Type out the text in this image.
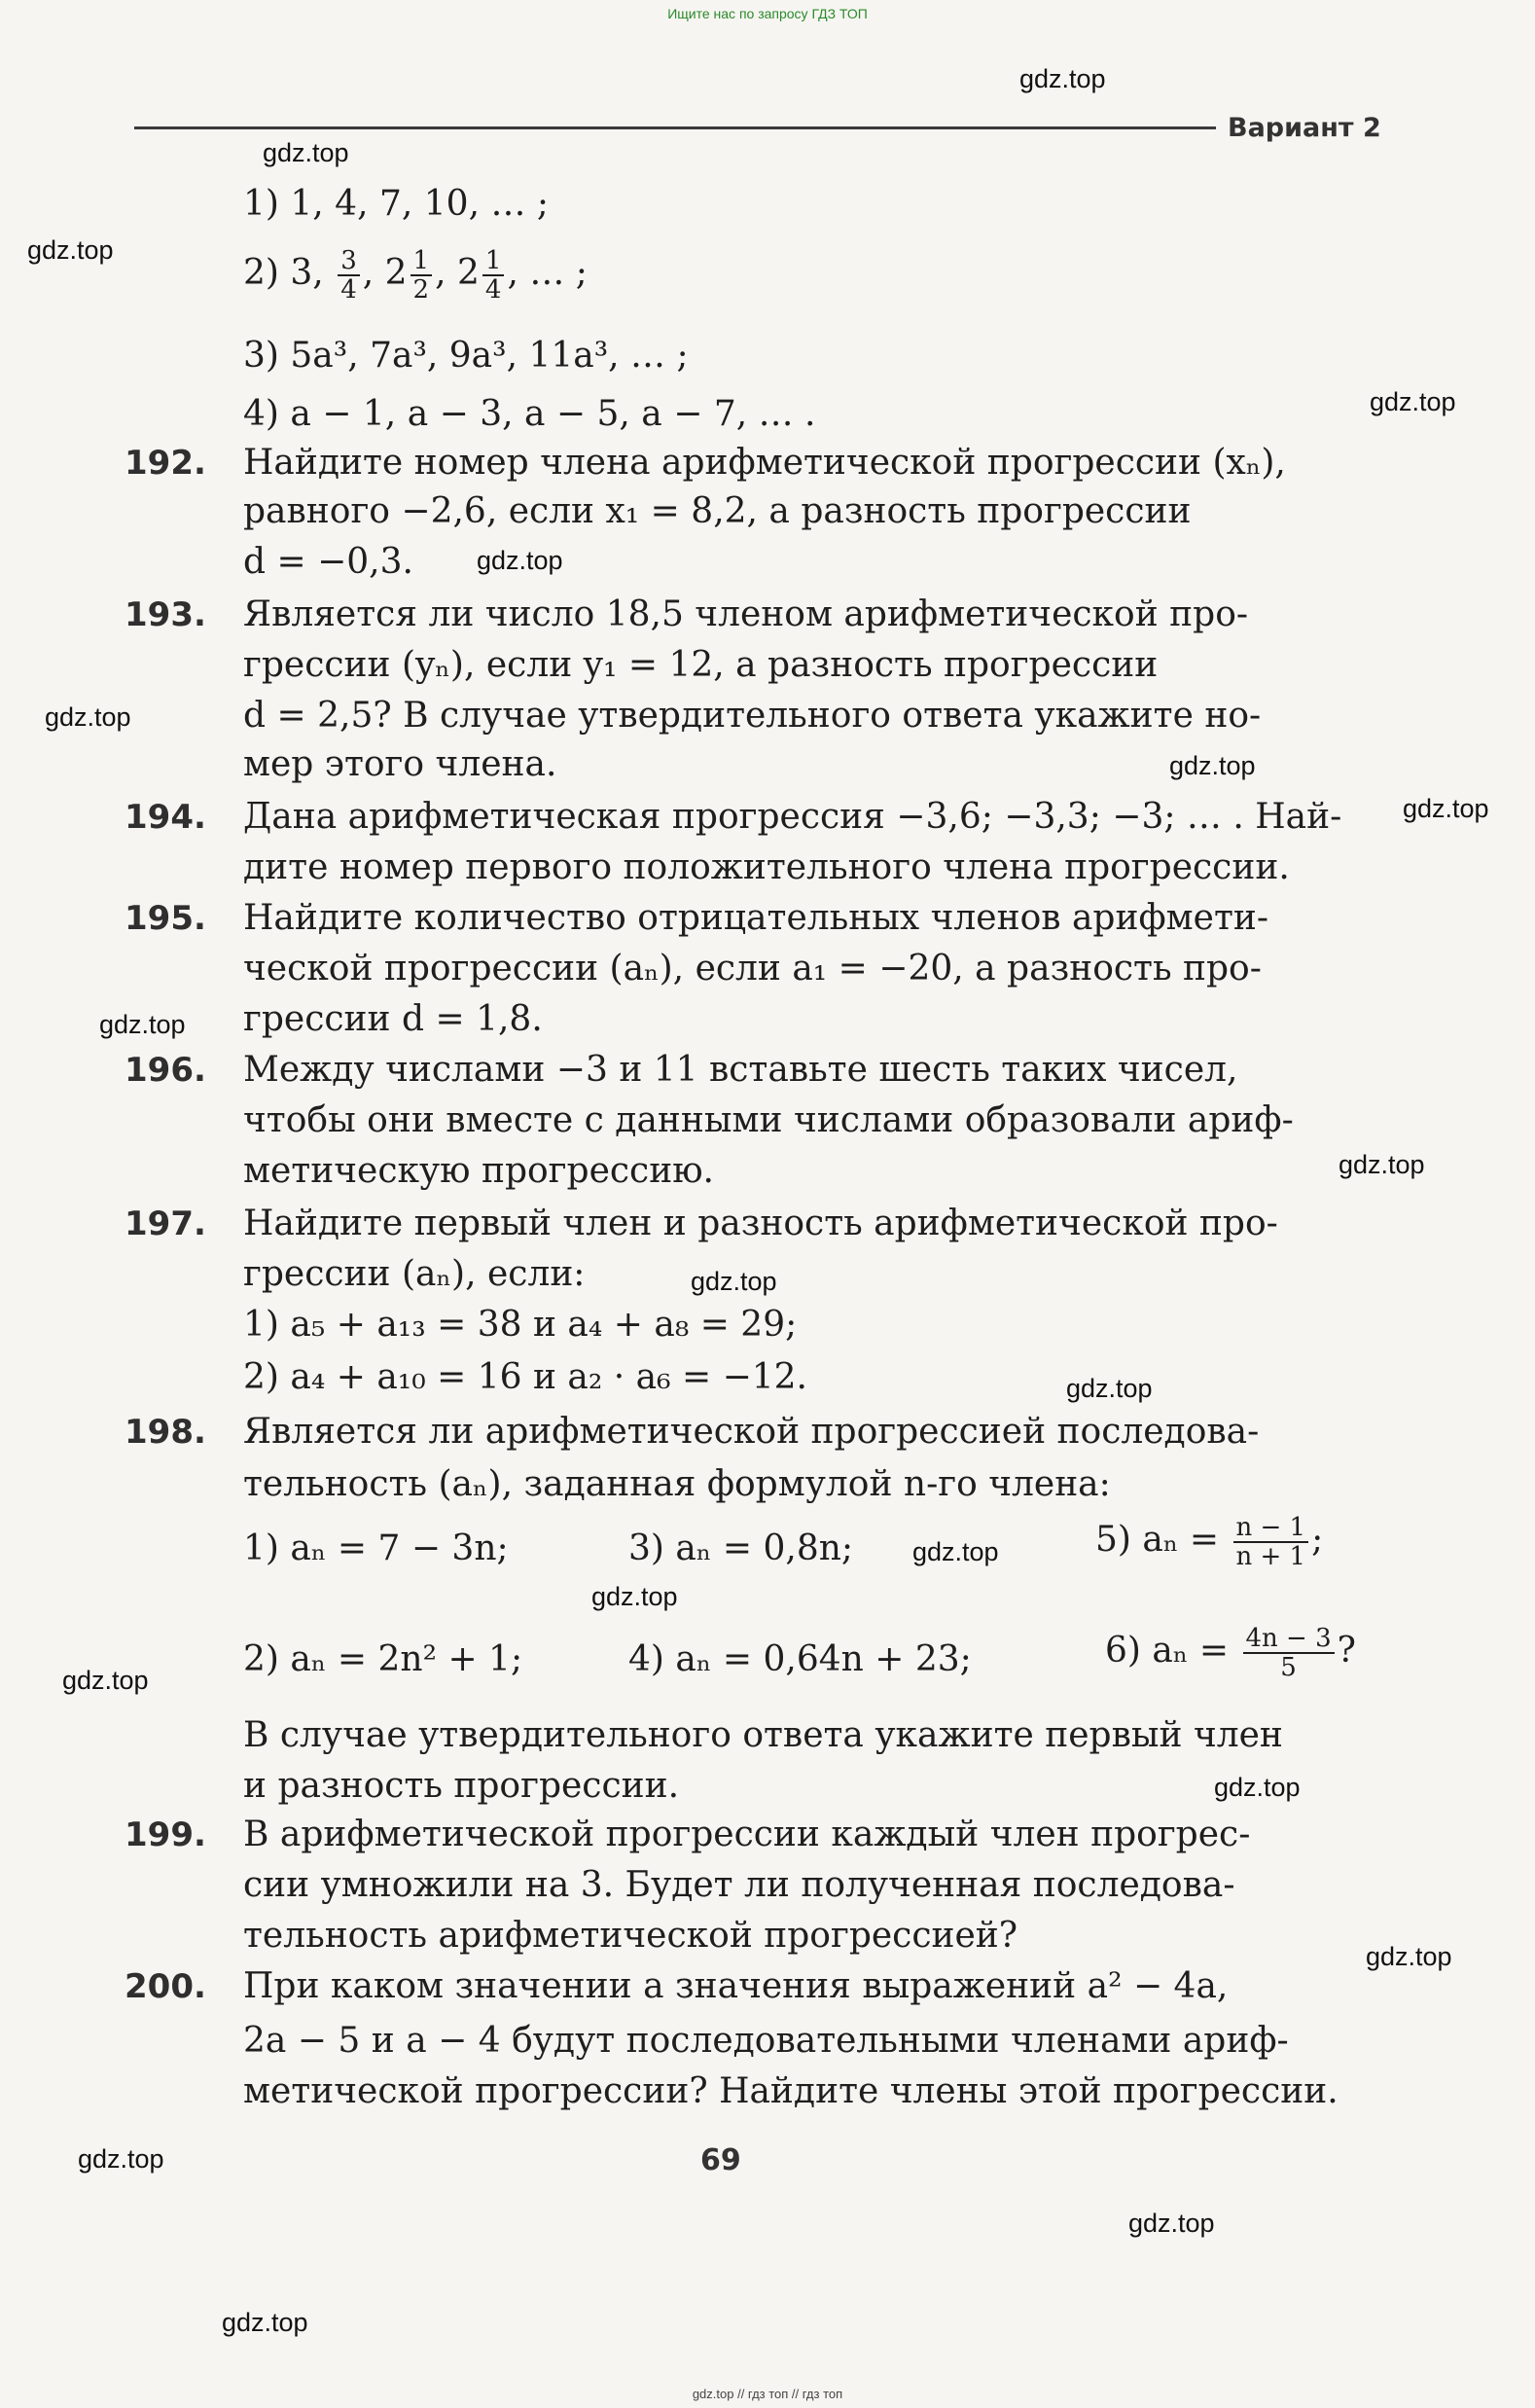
Ищите нас по запросу ГДЗ ТОП
Вариант 2
gdz.top
gdz.top
gdz.top
gdz.top
gdz.top
gdz.top
gdz.top
gdz.top
gdz.top
gdz.top
gdz.top
gdz.top
gdz.top
gdz.top
gdz.top
gdz.top
gdz.top
gdz.top
gdz.top
gdz.top
1) 1, 4, 7, 10, … ;
2) 3, $\frac{3}{4}$ , $2 \frac{1}{2}$ , $2 \frac{1}{4}$ , … ;
3) 5a³, 7a³, 9a³, 11a³, … ;
4) a − 1, a − 3, a − 5, a − 7, … .
192.	Найдите номер члена арифметической прогрессии (xₙ),
равного −2,6, если x₁ = 8,2, а разность прогрессии
d = −0,3.
193.	Является ли число 18,5 членом арифметической про-
грессии (yₙ), если y₁ = 12, а разность прогрессии
d = 2,5? В случае утвердительного ответа укажите но-
мер этого члена.
194.	Дана арифметическая прогрессия −3,6; −3,3; −3; … . Най-
дите номер первого положительного члена прогрессии.
195.	Найдите количество отрицательных членов арифмети-
ческой прогрессии (aₙ), если a₁ = −20, а разность про-
грессии d = 1,8.
196.	Между числами −3 и 11 вставьте шесть таких чисел,
чтобы они вместе с данными числами образовали ариф-
метическую прогрессию.
197.	Найдите первый член и разность арифметической про-
грессии (aₙ), если:
1) a₅ + a₁₃ = 38 и a₄ + a₈ = 29;
2) a₄ + a₁₀ = 16 и a₂ · a₆ = −12.
198.	Является ли арифметической прогрессией последова-
тельность (aₙ), заданная формулой n-го члена:
1) aₙ = 7 − 3n;	3) aₙ = 0,8n;	5) $a_n = \frac{n - 1}{n + 1}$ ;
2) aₙ = 2n² + 1;	4) aₙ = 0,64n + 23;	6) $a_n = \frac{4n - 3}{5}$ ?
В случае утвердительного ответа укажите первый член
и разность прогрессии.
199.	В арифметической прогрессии каждый член прогрес-
сии умножили на 3. Будет ли полученная последова-
тельность арифметической прогрессией?
200.	При каком значении a значения выражений a² − 4a,
2a − 5 и a − 4 будут последовательными членами ариф-
метической прогрессии? Найдите члены этой прогрессии.
69
gdz.top // гдз топ // гдз топ
